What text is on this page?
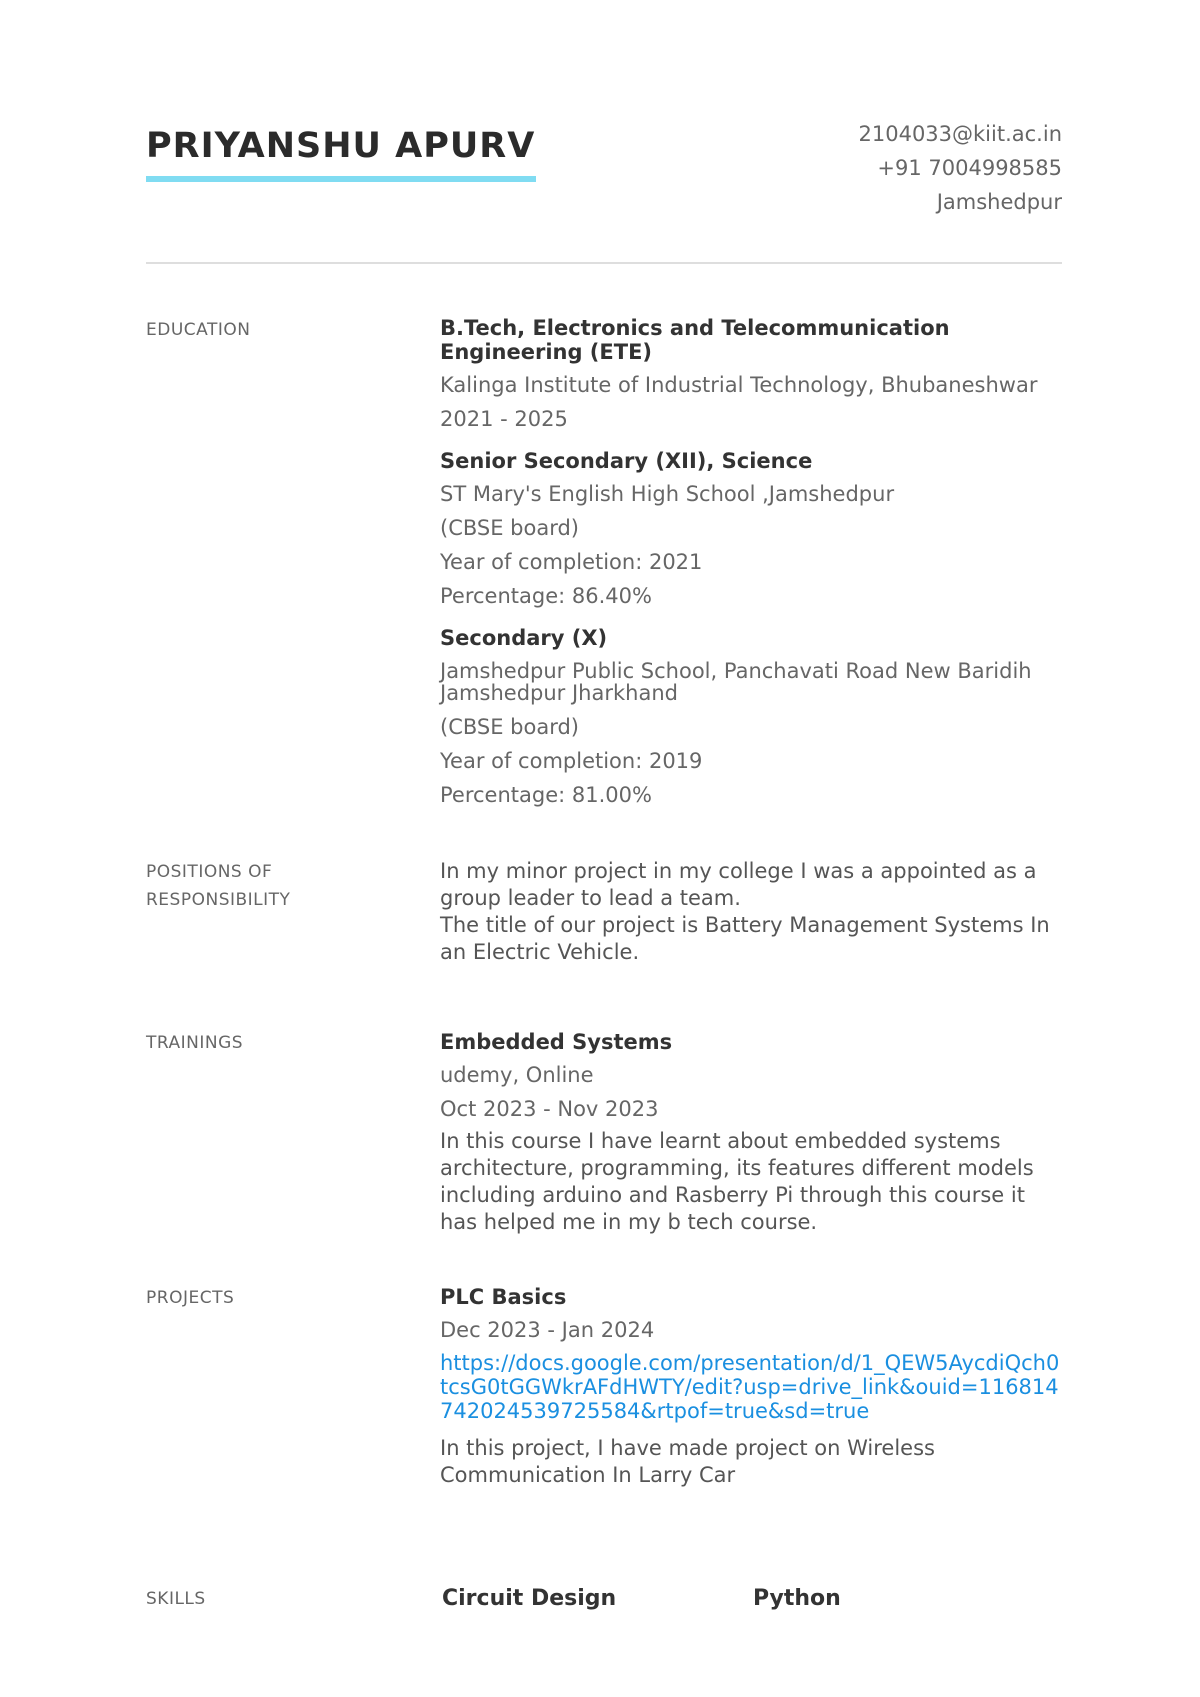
PRIYANSHU APURV	2104033@kiit.ac.in
+91 7004998585
Jamshedpur
EDUCATION	B.Tech, Electronics and Telecommunication Engineering (ETE)

Kalinga Institute of Industrial Technology, Bhubaneshwar
2021 - 2025

Senior Secondary (XII), Science

ST Mary's English High School ,Jamshedpur
(CBSE board)
Year of completion: 2021
Percentage: 86.40%

Secondary (X)

Jamshedpur Public School, Panchavati Road New Baridih Jamshedpur Jharkhand
(CBSE board)
Year of completion: 2019
Percentage: 81.00%
POSITIONS OF
RESPONSIBILITY

In my minor project in my college I was a appointed as a group leader to lead a team.

The title of our project is Battery Management Systems In an Electric Vehicle.

TRAININGS	Embedded Systems

udemy, Online
Oct 2023 - Nov 2023

In this course I have learnt about embedded systems architecture, programming, its features different models including arduino and Rasberry Pi through this course it has helped me in my b tech course.

PROJECTS	PLC Basics

Dec 2023 - Jan 2024
https://docs.google.com/presentation/d/1_QEW5AycdiQch0tcsG0tGGWkrAFdHWTY/edit?usp=drive_link&ouid=116814742024539725584&rtpof=true&sd=true

In this project, I have made project on Wireless Communication In Larry Car

SKILLS	Circuit Design	Python
